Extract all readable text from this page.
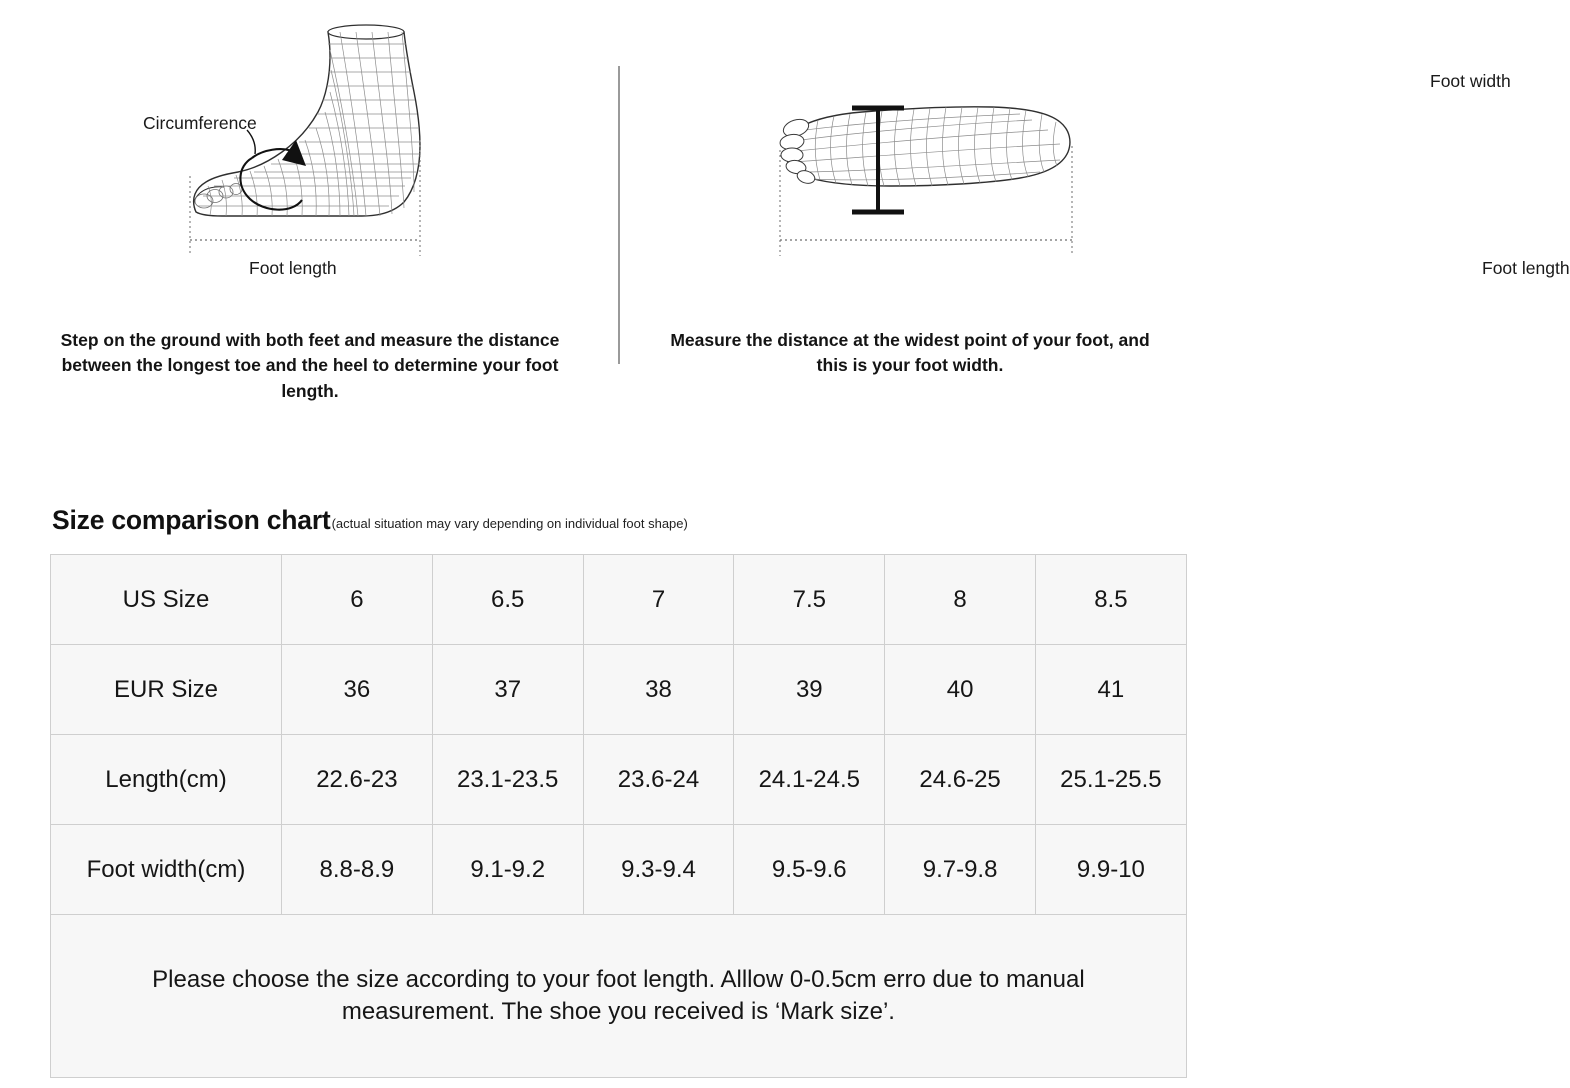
Circumference
Foot length
Step on the ground with both feet and measure the distance between the longest toe and the heel to determine your foot length.
Foot width
Foot length
Measure the distance at the widest point of your foot, and this is your foot width.
Size comparison chart (actual situation may vary depending on individual foot shape)
US Size	6	6.5	7	7.5	8	8.5
EUR Size	36	37	38	39	40	41
Length(cm)	22.6-23	23.1-23.5	23.6-24	24.1-24.5	24.6-25	25.1-25.5
Foot width(cm)	8.8-8.9	9.1-9.2	9.3-9.4	9.5-9.6	9.7-9.8	9.9-10
Please choose the size according to your foot length. Alllow 0-0.5cm erro due to manual measurement. The shoe you received is ‘Mark size’.						
